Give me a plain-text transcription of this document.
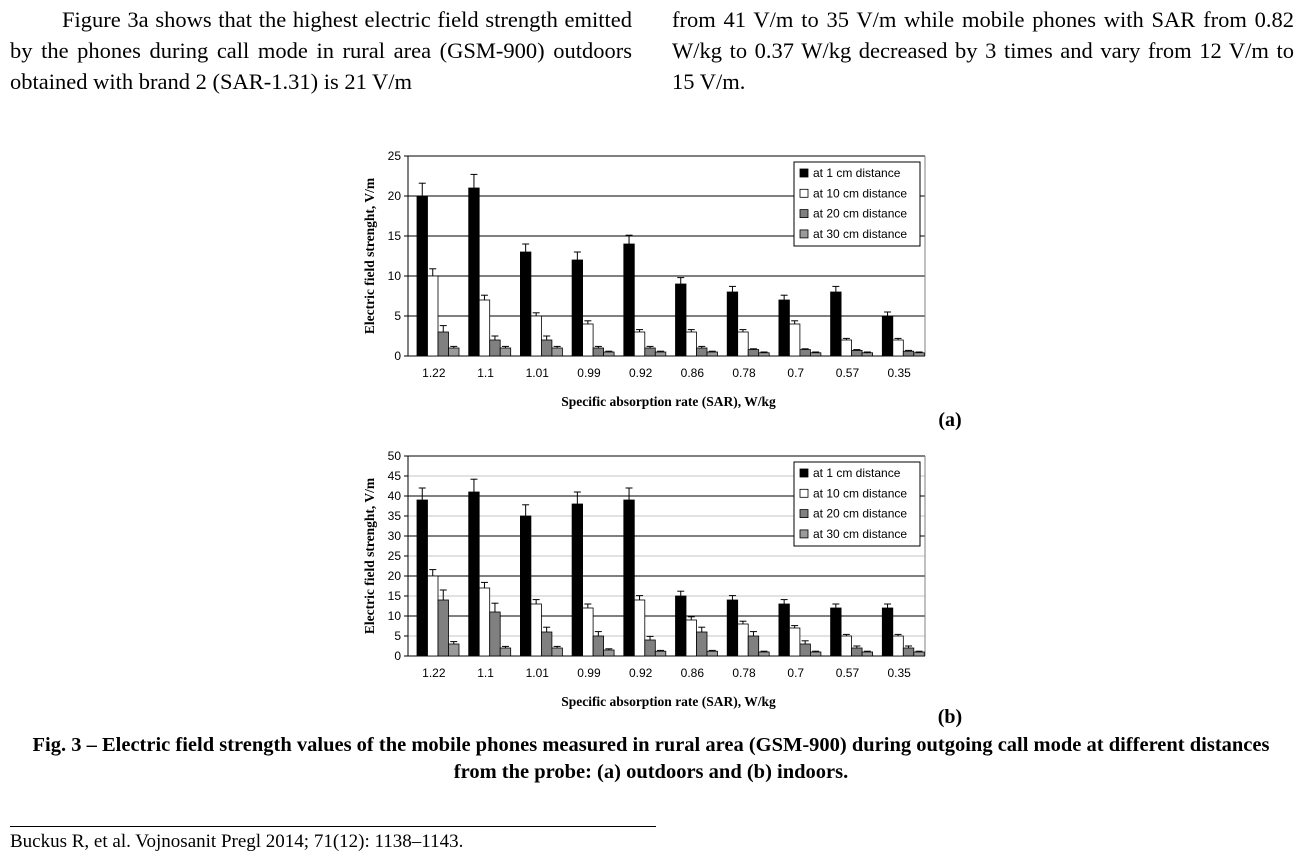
Figure 3a shows that the highest electric field strength emitted by the phones during call mode in rural area (GSM-900) outdoors obtained with brand 2 (SAR-1.31) is 21 V/m

from 41 V/m to 35 V/m while mobile phones with SAR from 0.82 W/kg to 0.37 W/kg decreased by 3 times and vary from 12 V/m to 15 V/m.

0
5
10
15
20
25
1.22	1.1	1.01 0.99 0.92 0.86 0.78	0.7	0.57 0.35
Specific absorption rate (SAR), W/kg
Electric field strenght, V/m
at 1 cm distance
at 10 cm distance
at 20 cm distance
at 30 cm distance
(a)
0
5
10
15
20
25
30
35
40
45
50
1.22	1.1	1.01 0.99 0.92 0.86 0.78	0.7	0.57 0.35
Specific absorption rate (SAR), W/kg
Electric field strenght, V/m
at 1 cm distance
at 10 cm distance
at 20 cm distance
at 30 cm distance
(b)
Fig. 3 – Electric field strength values of the mobile phones measured in rural area (GSM-900) during outgoing call mode at different distances from the probe: (a) outdoors and (b) indoors.
Buckus R, et al. Vojnosanit Pregl 2014; 71(12): 1138–1143.
